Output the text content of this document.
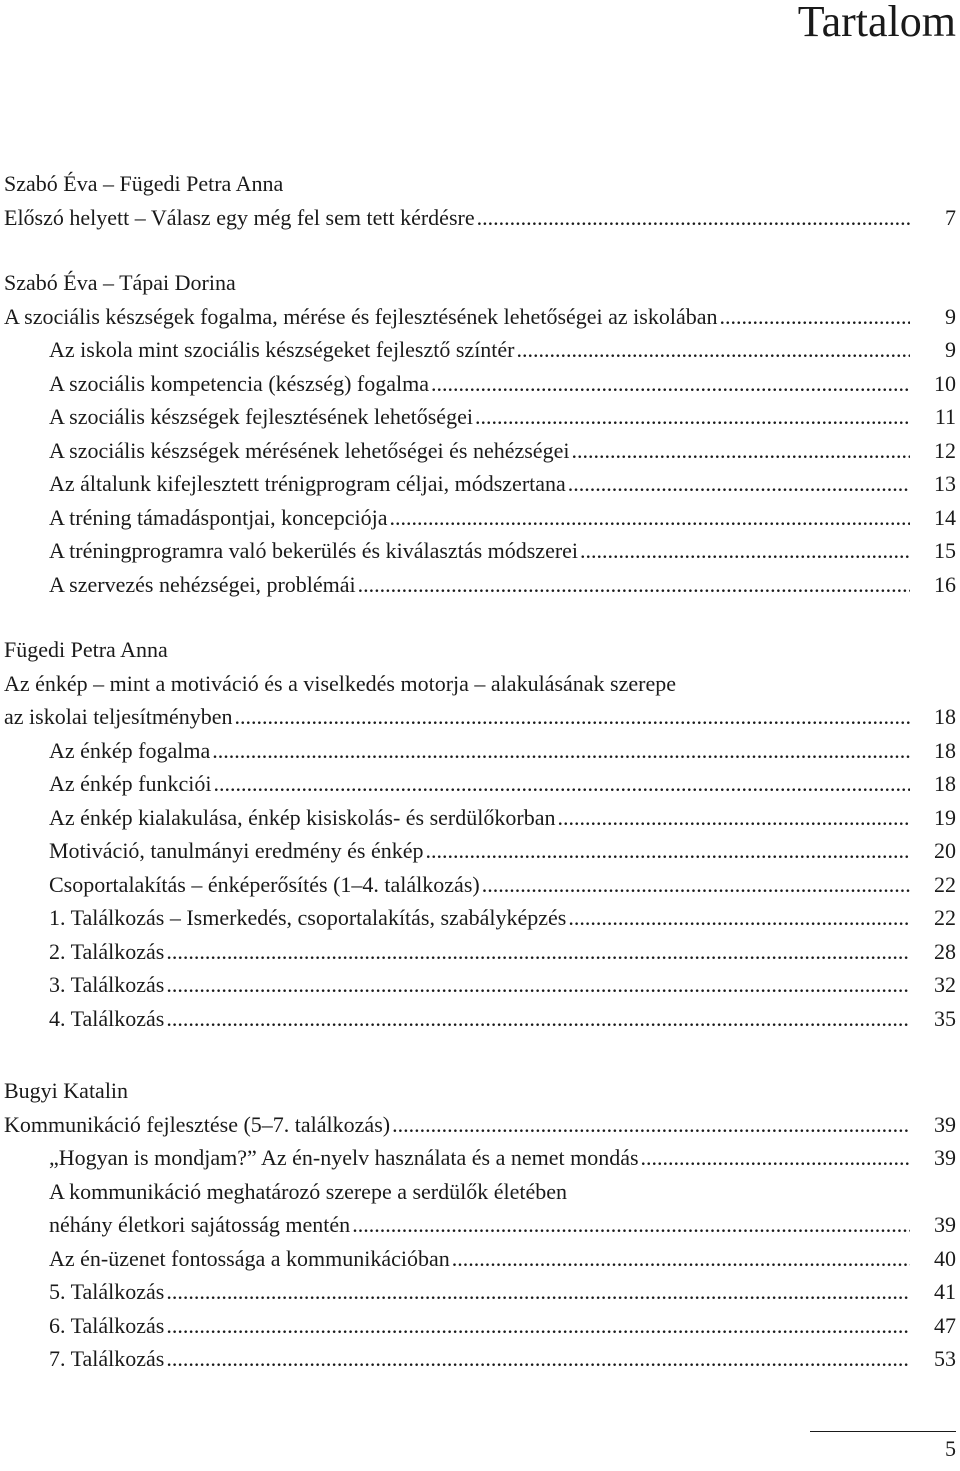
Tartalom
Szabó Éva – Fügedi Petra Anna
Előszó helyett – Válasz egy még fel sem tett kérdésre .....	7
Szabó Éva – Tápai Dorina
A szociális készségek fogalma, mérése és fejlesztésének lehetőségei az iskolában .....	9
Az iskola mint szociális készségeket fejlesztő színtér .....	9
A szociális kompetencia (készség) fogalma .....	10
A szociális készségek fejlesztésének lehetőségei .....	11
A szociális készségek mérésének lehetőségei és nehézségei .....	12
Az általunk kifejlesztett trénigprogram céljai, módszertana .....	13
A tréning támadáspontjai, koncepciója .....	14
A tréningprogramra való bekerülés és kiválasztás módszerei .....	15
A szervezés nehézségei, problémái .....	16
Fügedi Petra Anna
Az énkép – mint a motiváció és a viselkedés motorja – alakulásának szerepe
az iskolai teljesítményben .....	18
Az énkép fogalma .....	18
Az énkép funkciói .....	18
Az énkép kialakulása, énkép kisiskolás- és serdülőkorban .....	19
Motiváció, tanulmányi eredmény és énkép .....	20
Csoportalakítás – énképerősítés (1–4. találkozás) .....	22
1. Találkozás – Ismerkedés, csoportalakítás, szabályképzés .....	22
2. Találkozás .....	28
3. Találkozás .....	32
4. Találkozás .....	35
Bugyi Katalin
Kommunikáció fejlesztése (5–7. találkozás) .....	39
„Hogyan is mondjam?” Az én-nyelv használata és a nemet mondás .....	39
A kommunikáció meghatározó szerepe a serdülők életében
néhány életkori sajátosság mentén .....	39
Az én-üzenet fontossága a kommunikációban .....	40
5. Találkozás .....	41
6. Találkozás .....	47
7. Találkozás .....	53

5
